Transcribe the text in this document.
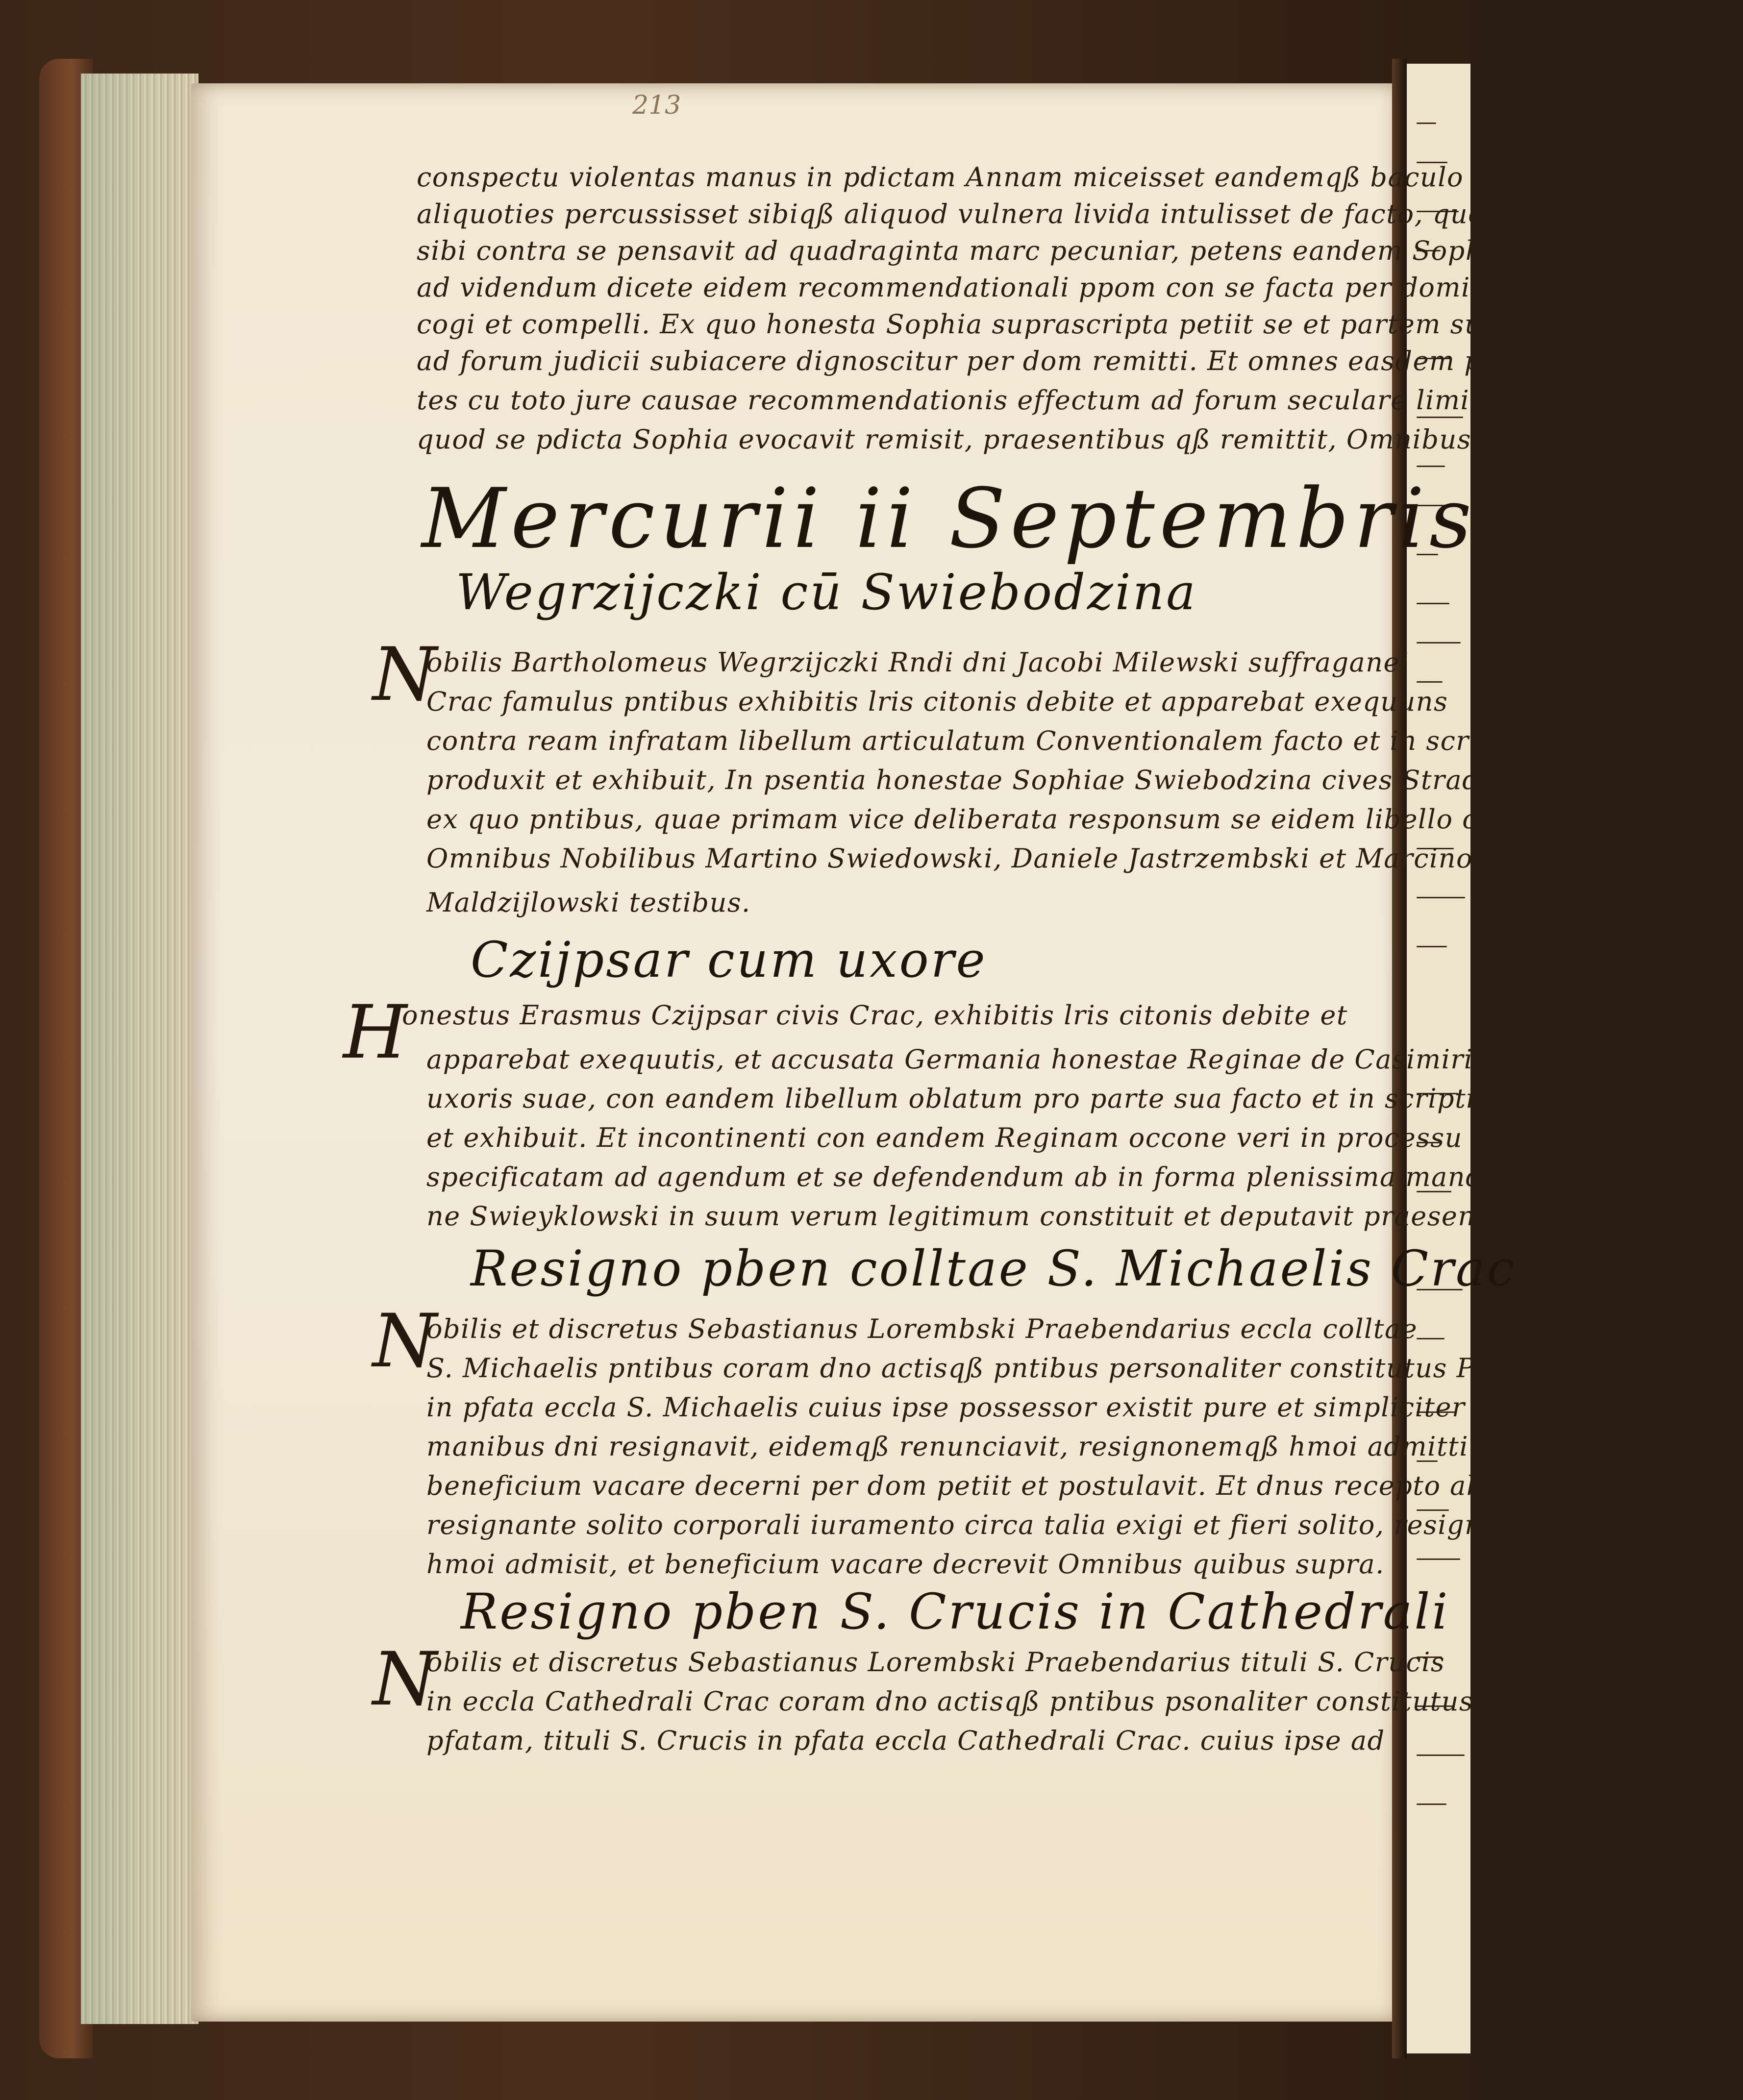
213
conspectu violentas manus in pdictam Annam miceisset eandemqß baculo
aliquoties percussisset sibiqß aliquod vulnera livida intulisset de facto, quod
sibi contra se pensavit ad quadraginta marc pecuniar, petens eandem Sophia
ad videndum dicete eidem recommendationali ppom con se facta per dominum
cogi et compelli. Ex quo honesta Sophia suprascripta petiit se et partem sua
ad forum judicii subiacere dignoscitur per dom remitti. Et omnes easdem par
tes cu toto jure causae recommendationis effectum ad forum seculare limite ac
quod se pdicta Sophia evocavit remisit, praesentibus qß remittit, Omnibus quibus supra
Mercurii ii Septembris
Wegrzijczki cū Swiebodzina
N
obilis Bartholomeus Wegrzijczki Rndi dni Jacobi Milewski suffraganei
Crac famulus pntibus exhibitis lris citonis debite et apparebat exequuns
contra ream infratam libellum articulatum Conventionalem facto et in scriptis
produxit et exhibuit, In psentia honestae Sophiae Swiebodzina cives Stradomien
ex quo pntibus, quae primam vice deliberata responsum se eidem libello obtulit
Omnibus Nobilibus Martino Swiedowski, Daniele Jastrzembski et Marcino
Maldzijlowski testibus.
Czijpsar cum uxore
H
onestus Erasmus Czijpsar civis Crac, exhibitis lris citonis debite et
apparebat exequutis, et accusata Germania honestae Reginae de Casimiria
uxoris suae, con eandem libellum oblatum pro parte sua facto et in scriptis porrexit
et exhibuit. Et incontinenti con eandem Reginam occone veri in processu libelli
specificatam ad agendum et se defendendum ab in forma plenissima mandati nomine Simo
ne Swieyklowski in suum verum legitimum constituit et deputavit praesentibus Quibus supra
Resigno pben colltae S. Michaelis Crac
N
obilis et discretus Sebastianus Lorembski Praebendarius eccla colltae
S. Michaelis pntibus coram dno actisqß pntibus personaliter constitutus Praebendam
in pfata eccla S. Michaelis cuius ipse possessor existit pure et simpliciter in
manibus dni resignavit, eidemqß renunciavit, resignonemqß hmoi admitti et
beneficium vacare decerni per dom petiit et postulavit. Et dnus recepto ab eodem
resignante solito corporali iuramento circa talia exigi et fieri solito, resignonem
hmoi admisit, et beneficium vacare decrevit Omnibus quibus supra.
Resigno pben S. Crucis in Cathedrali
N
obilis et discretus Sebastianus Lorembski Praebendarius tituli S. Crucis
in eccla Cathedrali Crac coram dno actisqß pntibus psonaliter constitutus Praebendam
pfatam, tituli S. Crucis in pfata eccla Cathedrali Crac. cuius ipse ad
